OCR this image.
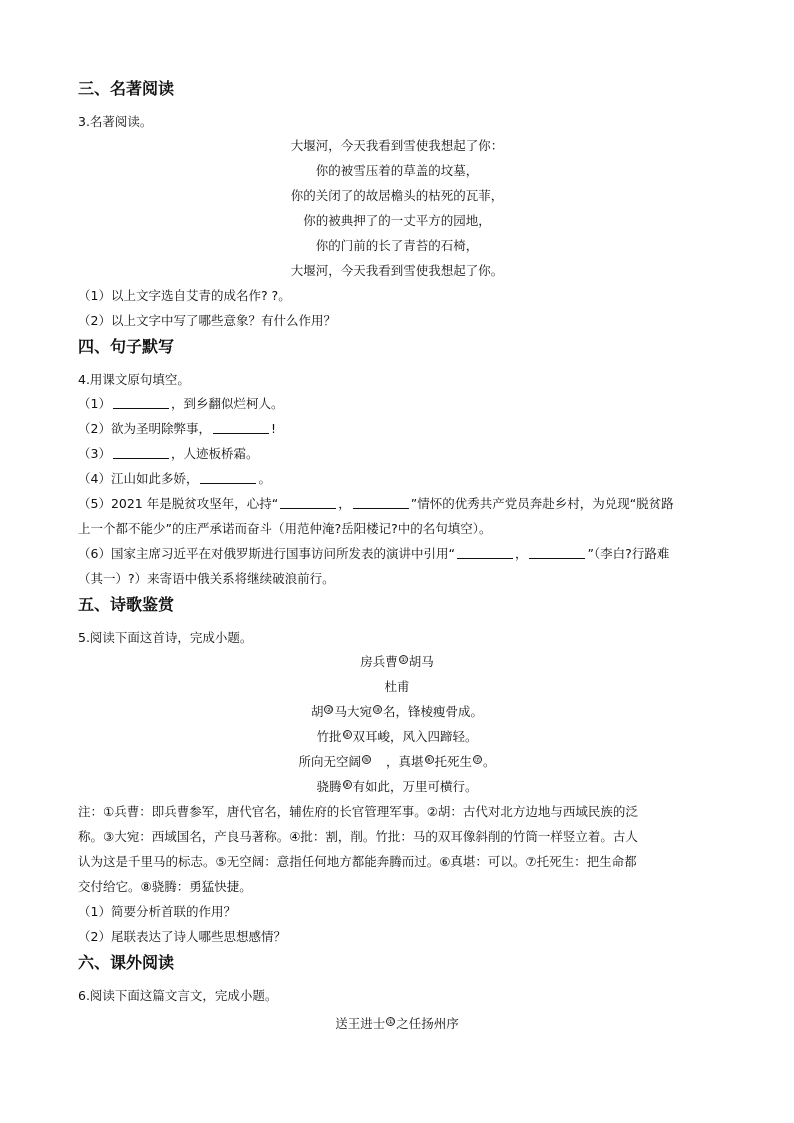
三、名著阅读
3.名著阅读。
大堰河，今天我看到雪使我想起了你：
你的被雪压着的草盖的坟墓，
你的关闭了的故居檐头的枯死的瓦菲，
你的被典押了的一丈平方的园地，
你的门前的长了青苔的石椅，
大堰河，今天我看到雪使我想起了你。
（1）以上文字选自艾青的成名作? ?。
（2）以上文字中写了哪些意象？有什么作用？
四、句子默写
4.用课文原句填空。
（1）	，到乡翻似烂柯人。
（2）欲为圣明除弊事，	!
（3）	，人迹板桥霜。
（4）江山如此多娇，	。
（5）2021 年是脱贫攻坚年，心持“	，	”情怀的优秀共产党员奔赴乡村，为兑现“脱贫路
上一个都不能少”的庄严承诺而奋斗（用范仲淹?岳阳楼记?中的名句填空）。
（6）国家主席习近平在对俄罗斯进行国事访问所发表的演讲中引用“	，	”（李白?行路难
（其一）?）来寄语中俄关系将继续破浪前行。
五、诗歌鉴赏
5.阅读下面这首诗，完成小题。
房兵曹 ① 胡马
杜甫
胡 ② 马大宛 ③ 名，锋棱瘦骨成。
竹批 ④ 双耳峻，风入四蹄轻。
所向无空阔 ⑤ ，真堪 ⑥ 托死生 ⑦ 。
骁腾 ⑧ 有如此，万里可横行。
注：①兵曹：即兵曹参军，唐代官名，辅佐府的长官管理军事。②胡：古代对北方边地与西域民族的泛
称。③大宛：西域国名，产良马著称。④批：割，削。竹批：马的双耳像斜削的竹筒一样竖立着。古人
认为这是千里马的标志。⑤无空阔：意指任何地方都能奔腾而过。⑥真堪：可以。⑦托死生：把生命都
交付给它。⑧骁腾：勇猛快捷。
（1）简要分析首联的作用？
（2）尾联表达了诗人哪些思想感情？
六、课外阅读
6.阅读下面这篇文言文，完成小题。
送王进士 ① 之任扬州序
